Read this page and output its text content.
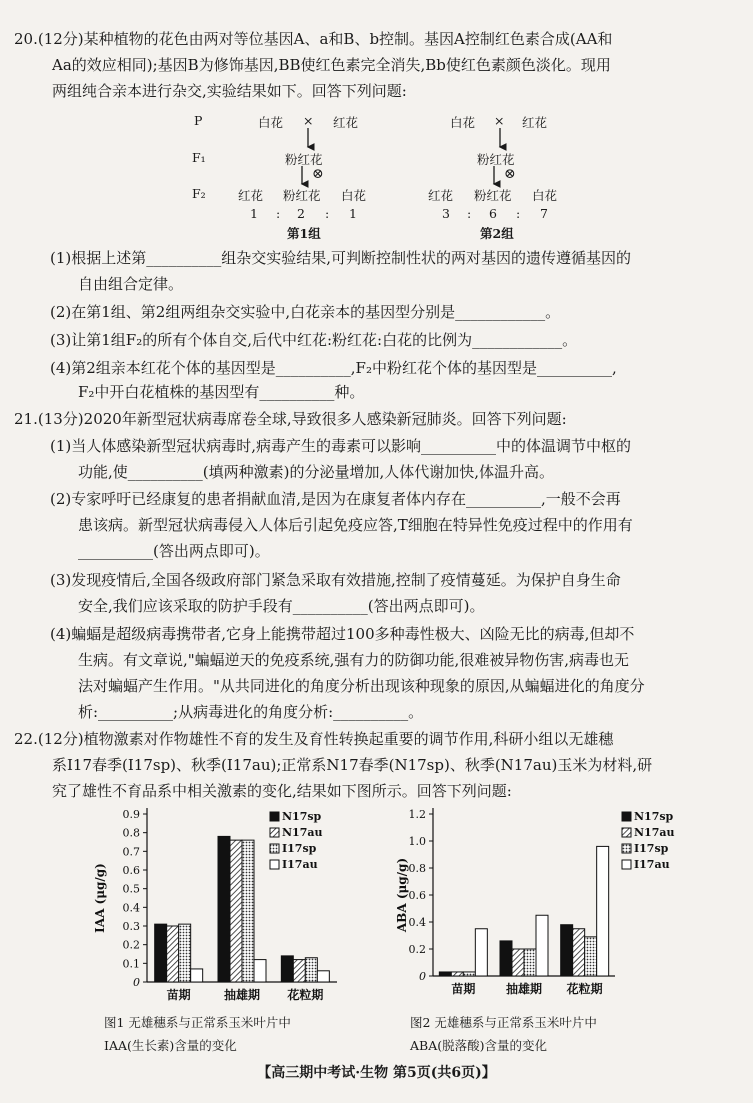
20.(12分)某种植物的花色由两对等位基因A、a和B、b控制。基因A控制红色素合成(AA和
Aa的效应相同);基因B为修饰基因,BB使红色素完全消失,Bb使红色素颜色淡化。现用
两组纯合亲本进行杂交,实验结果如下。回答下列问题:
P
F₁
F₂
白花 × 红花
粉红花
⊗
红花 粉红花 白花
1 : 2 : 1
第1组
白花 × 红花
粉红花
⊗
红花 粉红花 白花
3 : 6 : 7
第2组
(1)根据上述第__________组杂交实验结果,可判断控制性状的两对基因的遗传遵循基因的
自由组合定律。
(2)在第1组、第2组两组杂交实验中,白花亲本的基因型分别是____________。
(3)让第1组F₂的所有个体自交,后代中红花:粉红花:白花的比例为____________。
(4)第2组亲本红花个体的基因型是__________,F₂中粉红花个体的基因型是__________,
F₂中开白花植株的基因型有__________种。
21.(13分)2020年新型冠状病毒席卷全球,导致很多人感染新冠肺炎。回答下列问题:
(1)当人体感染新型冠状病毒时,病毒产生的毒素可以影响__________中的体温调节中枢的
功能,使__________(填两种激素)的分泌量增加,人体代谢加快,体温升高。
(2)专家呼吁已经康复的患者捐献血清,是因为在康复者体内存在__________,一般不会再
患该病。新型冠状病毒侵入人体后引起免疫应答,T细胞在特异性免疫过程中的作用有
__________(答出两点即可)。
(3)发现疫情后,全国各级政府部门紧急采取有效措施,控制了疫情蔓延。为保护自身生命
安全,我们应该采取的防护手段有__________(答出两点即可)。
(4)蝙蝠是超级病毒携带者,它身上能携带超过100多种毒性极大、凶险无比的病毒,但却不
生病。有文章说,"蝙蝠逆天的免疫系统,强有力的防御功能,很难被异物伤害,病毒也无
法对蝙蝠产生作用。"从共同进化的角度分析出现该种现象的原因,从蝙蝠进化的角度分
析:__________;从病毒进化的角度分析:__________。
22.(12分)植物激素对作物雄性不育的发生及育性转换起重要的调节作用,科研小组以无雄穗
系I17春季(I17sp)、秋季(I17au);正常系N17春季(N17sp)、秋季(N17au)玉米为材料,研
究了雄性不育品系中相关激素的变化,结果如下图所示。回答下列问题:
0
0.1
0.2
0.3
0.4
0.5
0.6
0.7
0.8
0.9
IAA (μg/g)
苗期	抽雄期 花粒期
N17sp
N17au
I17sp
I17au
0
0.2
0.4
0.6
0.8
1.0
1.2
ABA (μg/g)
苗期	抽雄期 花粒期
N17sp
N17au
I17sp
I17au
图1 无雄穗系与正常系玉米叶片中
IAA(生长素)含量的变化
图2 无雄穗系与正常系玉米叶片中
ABA(脱落酸)含量的变化
【高三期中考试·生物 第5页(共6页)】
